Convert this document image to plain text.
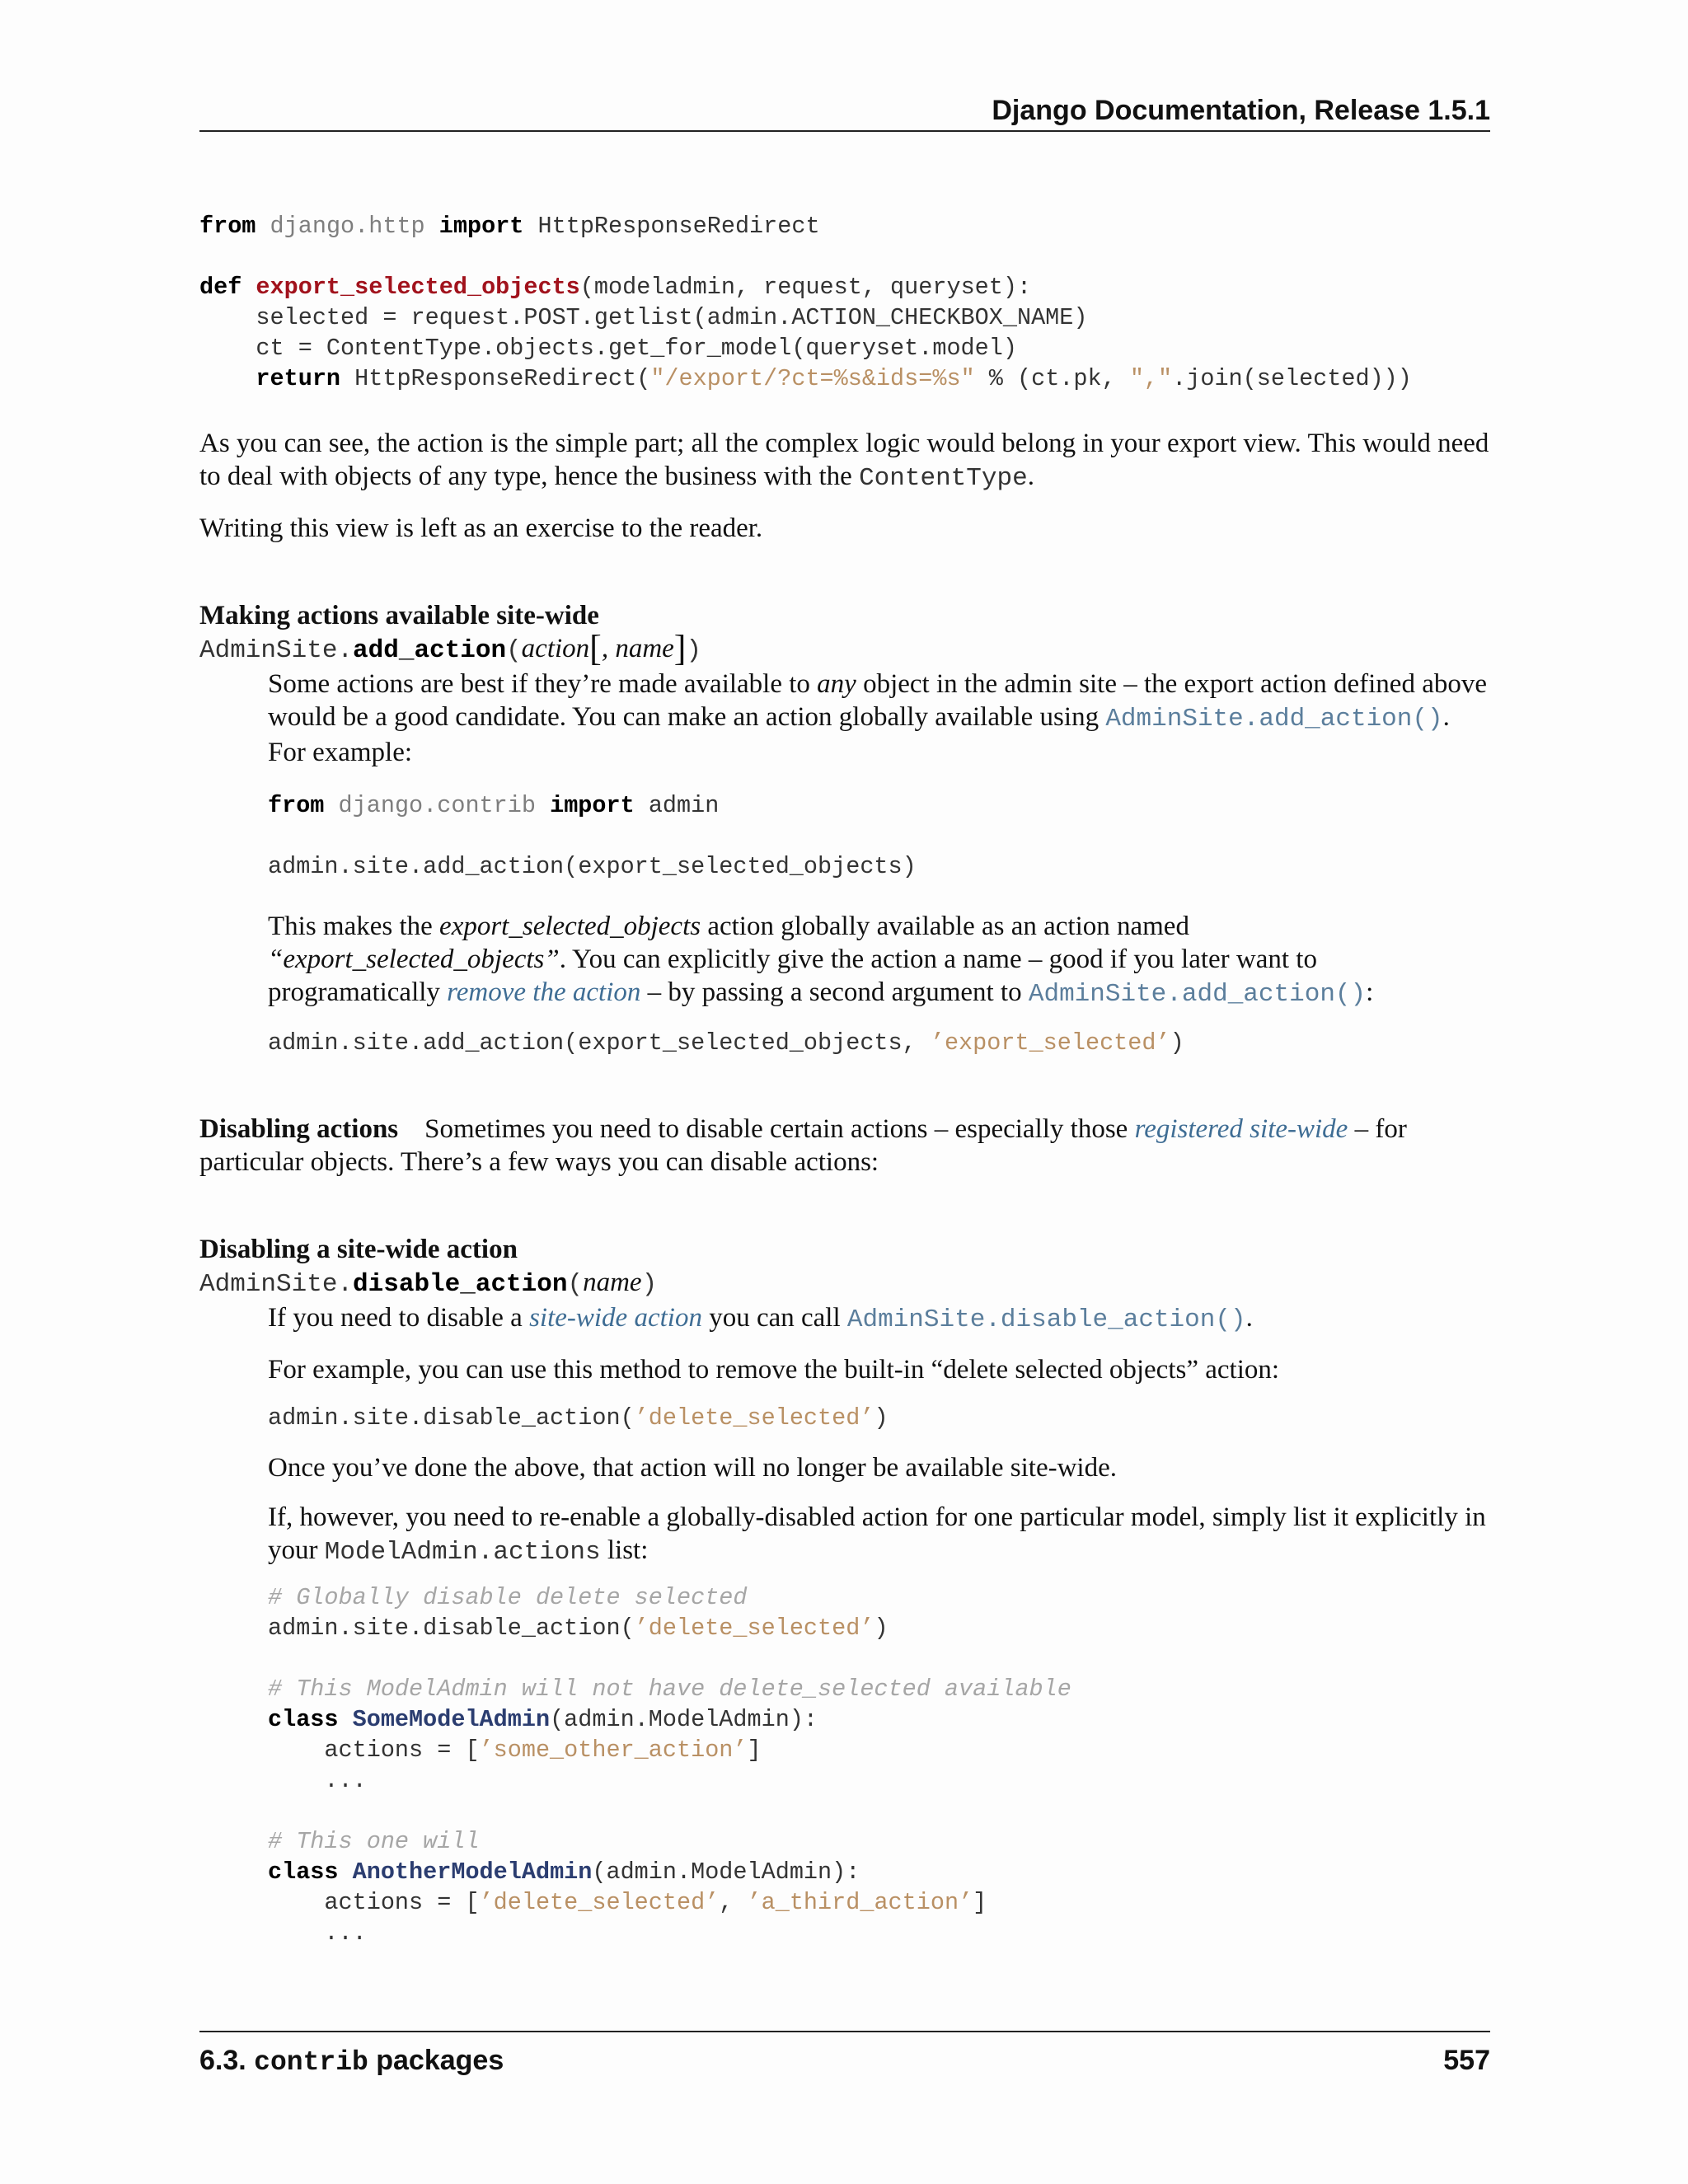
Django Documentation, Release 1.5.1
from django.http import HttpResponseRedirect

def export_selected_objects(modeladmin, request, queryset):
selected = request.POST.getlist(admin.ACTION_CHECKBOX_NAME)
ct = ContentType.objects.get_for_model(queryset.model)
return HttpResponseRedirect("/export/?ct=%s&ids=%s" % (ct.pk, ",".join(selected)))

As you can see, the action is the simple part; all the complex logic would belong in your export view. This would need to deal with objects of any type, hence the business with the ContentType.

Writing this view is left as an exercise to the reader.

Making actions available site-wide
AdminSite.add_action(action[, name])

Some actions are best if they’re made available to any object in the admin site – the export action defined above would be a good candidate. You can make an action globally available using AdminSite.add_action(). For example:

from django.contrib import admin

admin.site.add_action(export_selected_objects)

This makes the export_selected_objects action globally available as an action named “export_selected_objects”. You can explicitly give the action a name – good if you later want to programatically remove the action – by passing a second argument to AdminSite.add_action():

admin.site.add_action(export_selected_objects, ’export_selected’)

Disabling actions Sometimes you need to disable certain actions – especially those registered site-wide – for particular objects. There’s a few ways you can disable actions:

Disabling a site-wide action
AdminSite.disable_action(name)

If you need to disable a site-wide action you can call AdminSite.disable_action().

For example, you can use this method to remove the built-in “delete selected objects” action:

admin.site.disable_action(’delete_selected’)

Once you’ve done the above, that action will no longer be available site-wide.

If, however, you need to re-enable a globally-disabled action for one particular model, simply list it explicitly in your ModelAdmin.actions list:

# Globally disable delete selected
admin.site.disable_action(’delete_selected’)

# This ModelAdmin will not have delete_selected available
class SomeModelAdmin(admin.ModelAdmin):
actions = [’some_other_action’]
...

# This one will
class AnotherModelAdmin(admin.ModelAdmin):
actions = [’delete_selected’, ’a_third_action’]
...
6.3. contrib packages	557
